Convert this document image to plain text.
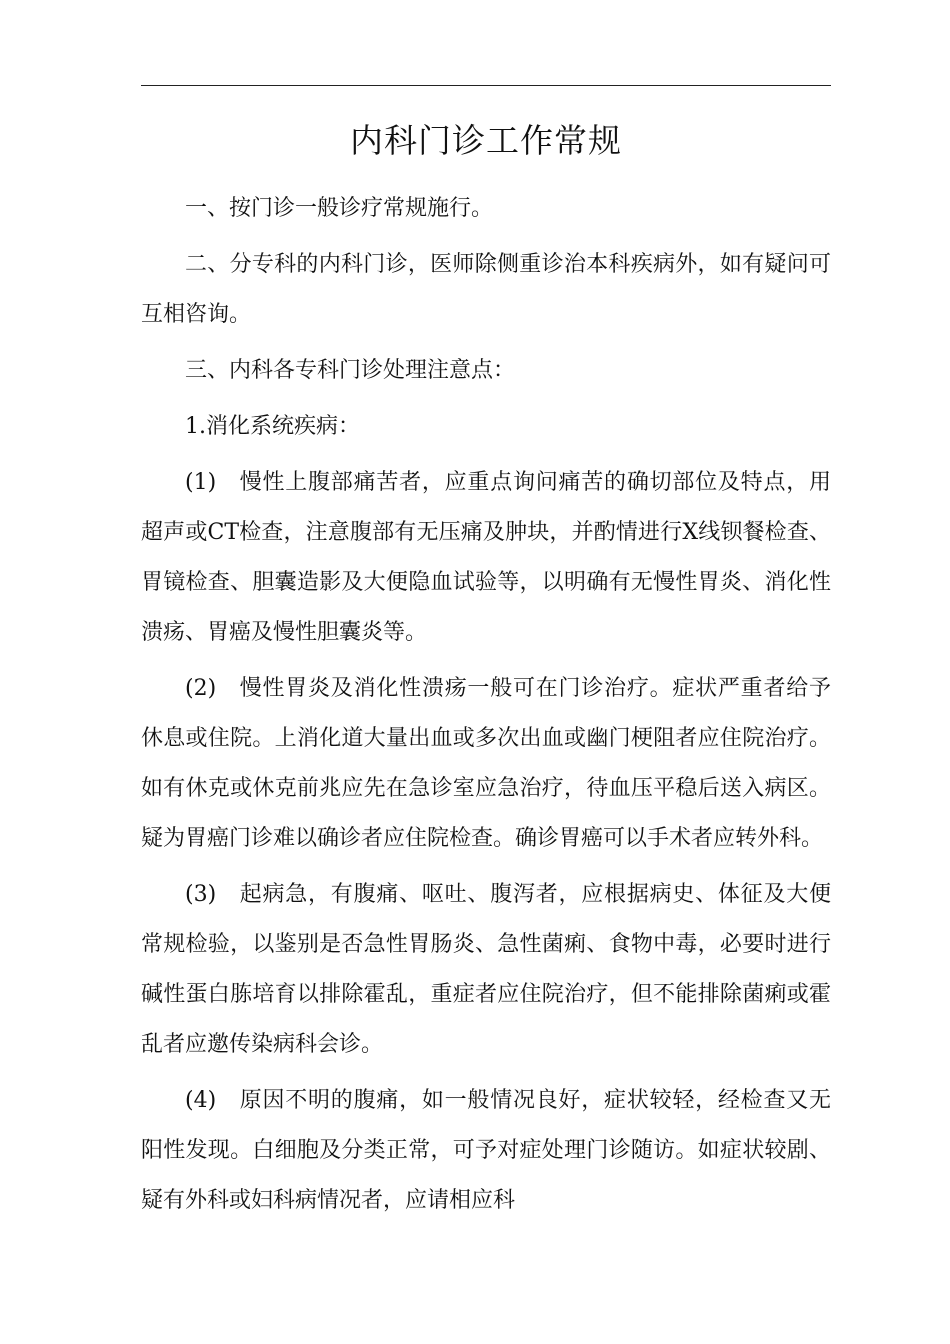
内科门诊工作常规

一、按门诊一般诊疗常规施行。

二、分专科的内科门诊，医师除侧重诊治本科疾病外，如有疑问可互相咨询。

三、内科各专科门诊处理注意点：

1.消化系统疾病：

(1)　慢性上腹部痛苦者，应重点询问痛苦的确切部位及特点，用超声或CT检查，注意腹部有无压痛及肿块，并酌情进行X线钡餐检查、胃镜检查、胆囊造影及大便隐血试验等，以明确有无慢性胃炎、消化性溃疡、胃癌及慢性胆囊炎等。

(2)　慢性胃炎及消化性溃疡一般可在门诊治疗。症状严重者给予休息或住院。上消化道大量出血或多次出血或幽门梗阻者应住院治疗。如有休克或休克前兆应先在急诊室应急治疗，待血压平稳后送入病区。疑为胃癌门诊难以确诊者应住院检查。确诊胃癌可以手术者应转外科。

(3)　起病急，有腹痛、呕吐、腹泻者，应根据病史、体征及大便常规检验，以鉴别是否急性胃肠炎、急性菌痢、食物中毒，必要时进行碱性蛋白胨培育以排除霍乱，重症者应住院治疗，但不能排除菌痢或霍乱者应邀传染病科会诊。

(4)　原因不明的腹痛，如一般情况良好，症状较轻，经检查又无阳性发现。白细胞及分类正常，可予对症处理门诊随访。如症状较剧、疑有外科或妇科病情况者，应请相应科
